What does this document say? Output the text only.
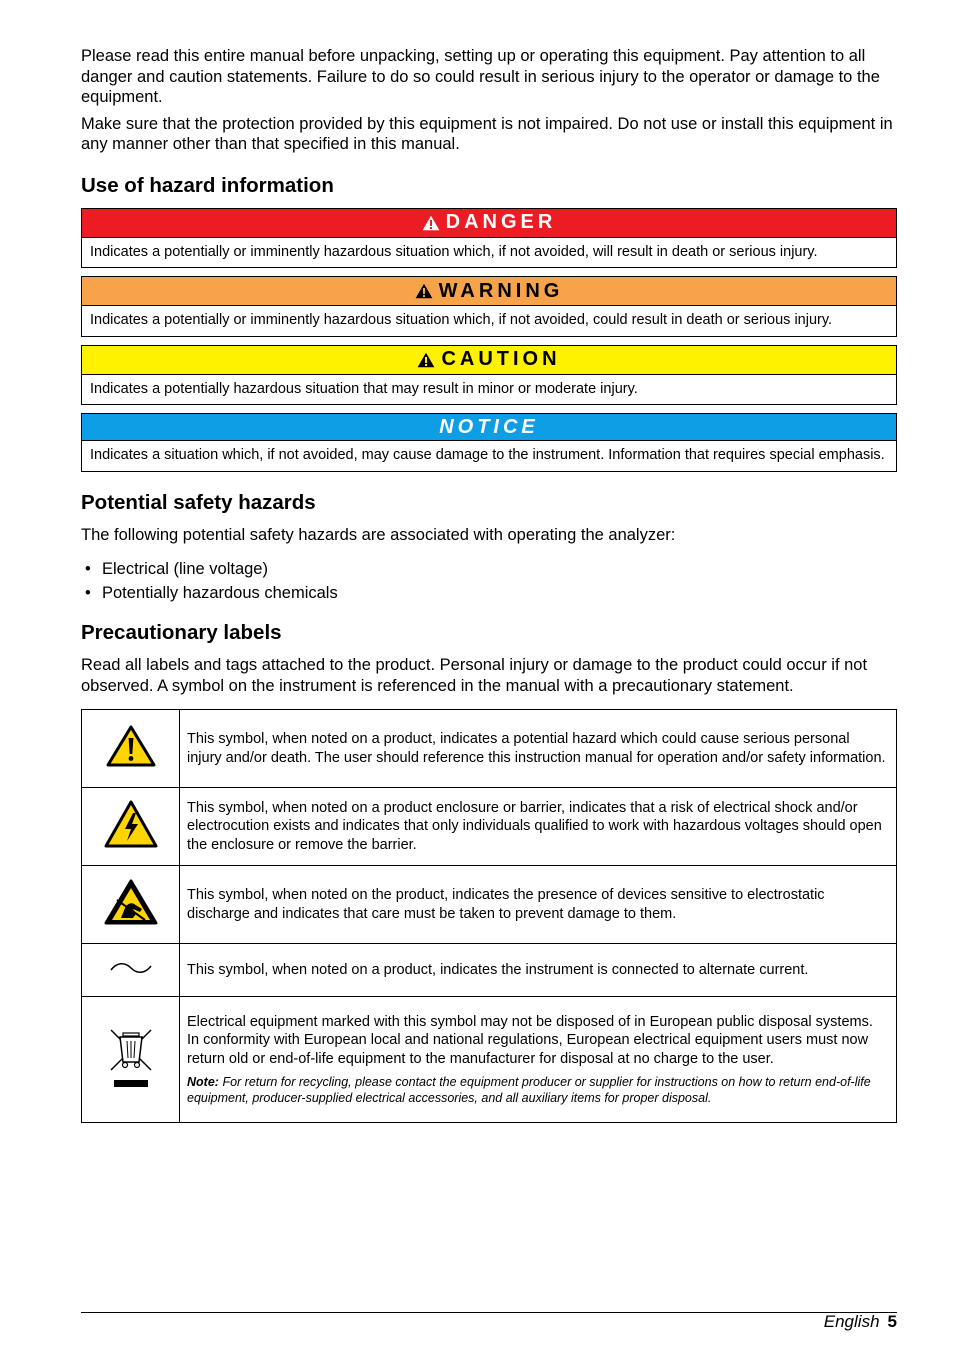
Please read this entire manual before unpacking, setting up or operating this equipment. Pay attention to all danger and caution statements. Failure to do so could result in serious injury to the operator or damage to the equipment.

Make sure that the protection provided by this equipment is not impaired. Do not use or install this equipment in any manner other than that specified in this manual.

Use of hazard information
DANGER
Indicates a potentially or imminently hazardous situation which, if not avoided, will result in death or serious injury.
WARNING
Indicates a potentially or imminently hazardous situation which, if not avoided, could result in death or serious injury.
CAUTION
Indicates a potentially hazardous situation that may result in minor or moderate injury.
NOTICE
Indicates a situation which, if not avoided, may cause damage to the instrument. Information that requires special emphasis.
Potential safety hazards

The following potential safety hazards are associated with operating the analyzer:

• Electrical (line voltage)
• Potentially hazardous chemicals
Precautionary labels

Read all labels and tags attached to the product. Personal injury or damage to the product could occur if not observed. A symbol on the instrument is referenced in the manual with a precautionary statement.

	This symbol, when noted on a product, indicates a potential hazard which could cause serious personal injury and/or death. The user should reference this instruction manual for operation and/or safety information.
	This symbol, when noted on a product enclosure or barrier, indicates that a risk of electrical shock and/or electrocution exists and indicates that only individuals qualified to work with hazardous voltages should open the enclosure or remove the barrier.
	This symbol, when noted on the product, indicates the presence of devices sensitive to electrostatic discharge and indicates that care must be taken to prevent damage to them.
	This symbol, when noted on a product, indicates the instrument is connected to alternate current.

Electrical equipment marked with this symbol may not be disposed of in European public disposal systems. In conformity with European local and national regulations, European electrical equipment users must now return old or end-of-life equipment to the manufacturer for disposal at no charge to the user.
Note: For return for recycling, please contact the equipment producer or supplier for instructions on how to return end-of-life equipment, producer-supplied electrical accessories, and all auxiliary items for proper disposal.
English 5
